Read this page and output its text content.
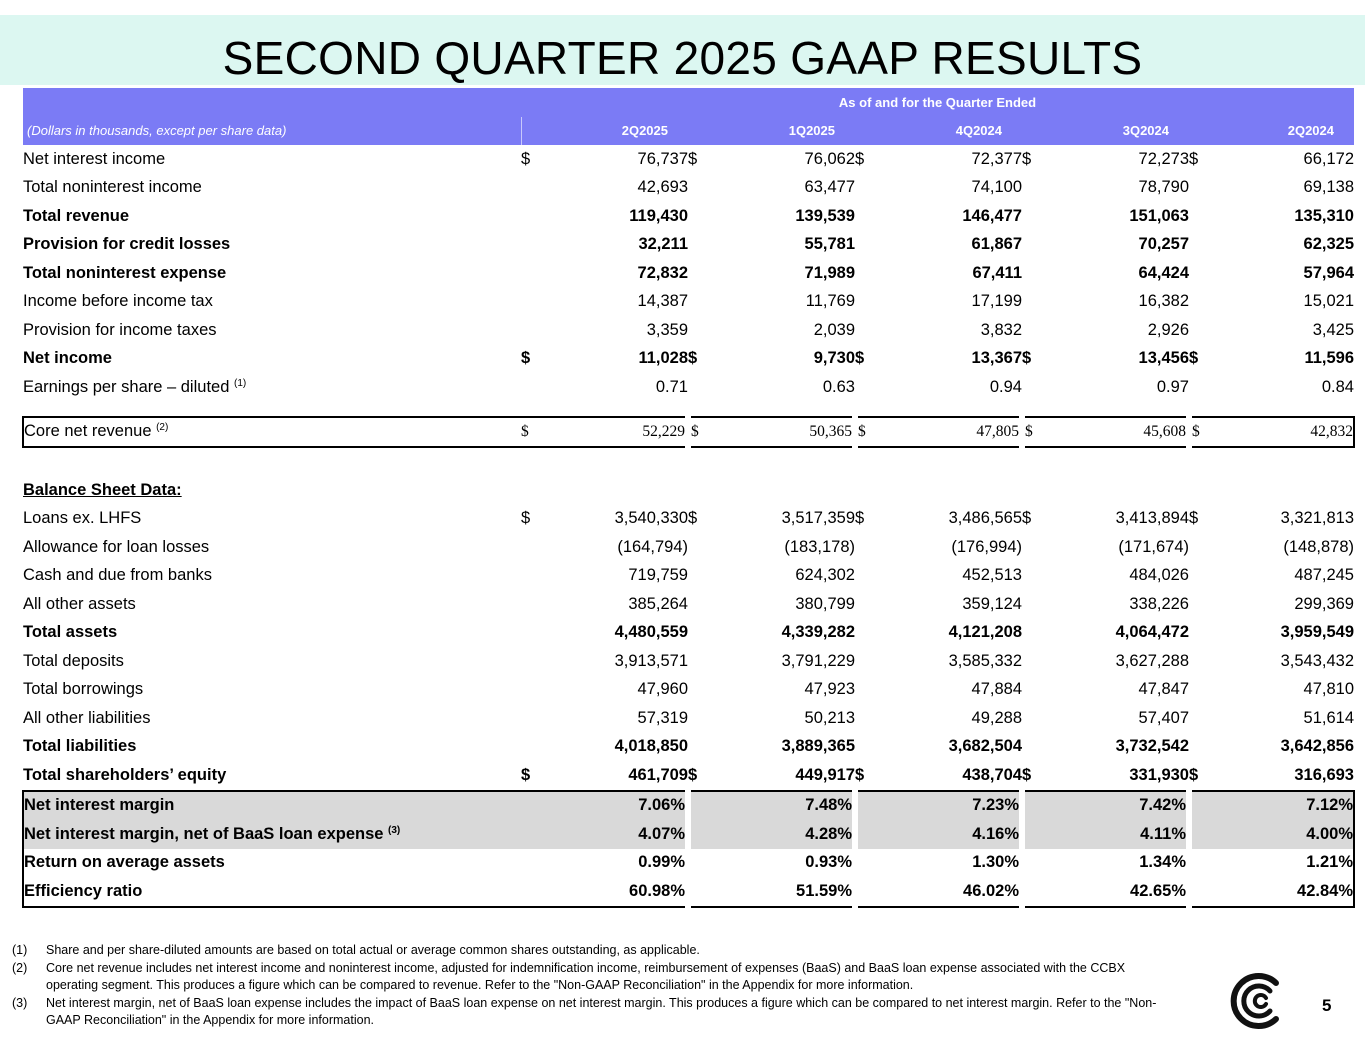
SECOND QUARTER 2025 GAAP RESULTS
	As of and for the Quarter Ended									
(Dollars in thousands, except per share data)		2Q2025		1Q2025		4Q2024		3Q2024		2Q2024
Net interest income	$	76,737	$	76,062	$	72,377	$	72,273	$	66,172
Total noninterest income		42,693		63,477		74,100		78,790		69,138
Total revenue		119,430		139,539		146,477		151,063		135,310
Provision for credit losses		32,211		55,781		61,867		70,257		62,325
Total noninterest expense		72,832		71,989		67,411		64,424		57,964
Income before income tax		14,387		11,769		17,199		16,382		15,021
Provision for income taxes		3,359		2,039		3,832		2,926		3,425
Net income	$	11,028	$	9,730	$	13,367	$	13,456	$	11,596
Earnings per share – diluted $^{(1)}$		0.71		0.63		0.94		0.97		0.84

Core net revenue $^{(2)}$	$	52,229	$	50,365	$	47,805	$	45,608	$	42,832

Balance Sheet Data:										
Loans ex. LHFS	$	3,540,330	$	3,517,359	$	3,486,565	$	3,413,894	$	3,321,813
Allowance for loan losses		(164,794)		(183,178)		(176,994)		(171,674)		(148,878)
Cash and due from banks		719,759		624,302		452,513		484,026		487,245
All other assets		385,264		380,799		359,124		338,226		299,369
Total assets		4,480,559		4,339,282		4,121,208		4,064,472		3,959,549
Total deposits		3,913,571		3,791,229		3,585,332		3,627,288		3,543,432
Total borrowings		47,960		47,923		47,884		47,847		47,810
All other liabilities		57,319		50,213		49,288		57,407		51,614
Total liabilities		4,018,850		3,889,365		3,682,504		3,732,542		3,642,856
Total shareholders’ equity	$	461,709	$	449,917	$	438,704	$	331,930	$	316,693
Net interest margin		7.06%		7.48%		7.23%		7.42%		7.12%
Net interest margin, net of BaaS loan expense $^{(3)}$		4.07%		4.28%		4.16%		4.11%		4.00%
Return on average assets		0.99%		0.93%		1.30%		1.34%		1.21%
Efficiency ratio		60.98%		51.59%		46.02%		42.65%		42.84%
(1)	Share and per share-diluted amounts are based on total actual or average common shares outstanding, as applicable.
(2)	Core net revenue includes net interest income and noninterest income, adjusted for indemnification income, reimbursement of expenses (BaaS) and BaaS loan expense associated with the CCBX operating segment. This produces a figure which can be compared to revenue. Refer to the "Non-GAAP Reconciliation" in the Appendix for more information.
(3)	Net interest margin, net of BaaS loan expense includes the impact of BaaS loan expense on net interest margin. This produces a figure which can be compared to net interest margin. Refer to the "Non-GAAP Reconciliation" in the Appendix for more information.
5
